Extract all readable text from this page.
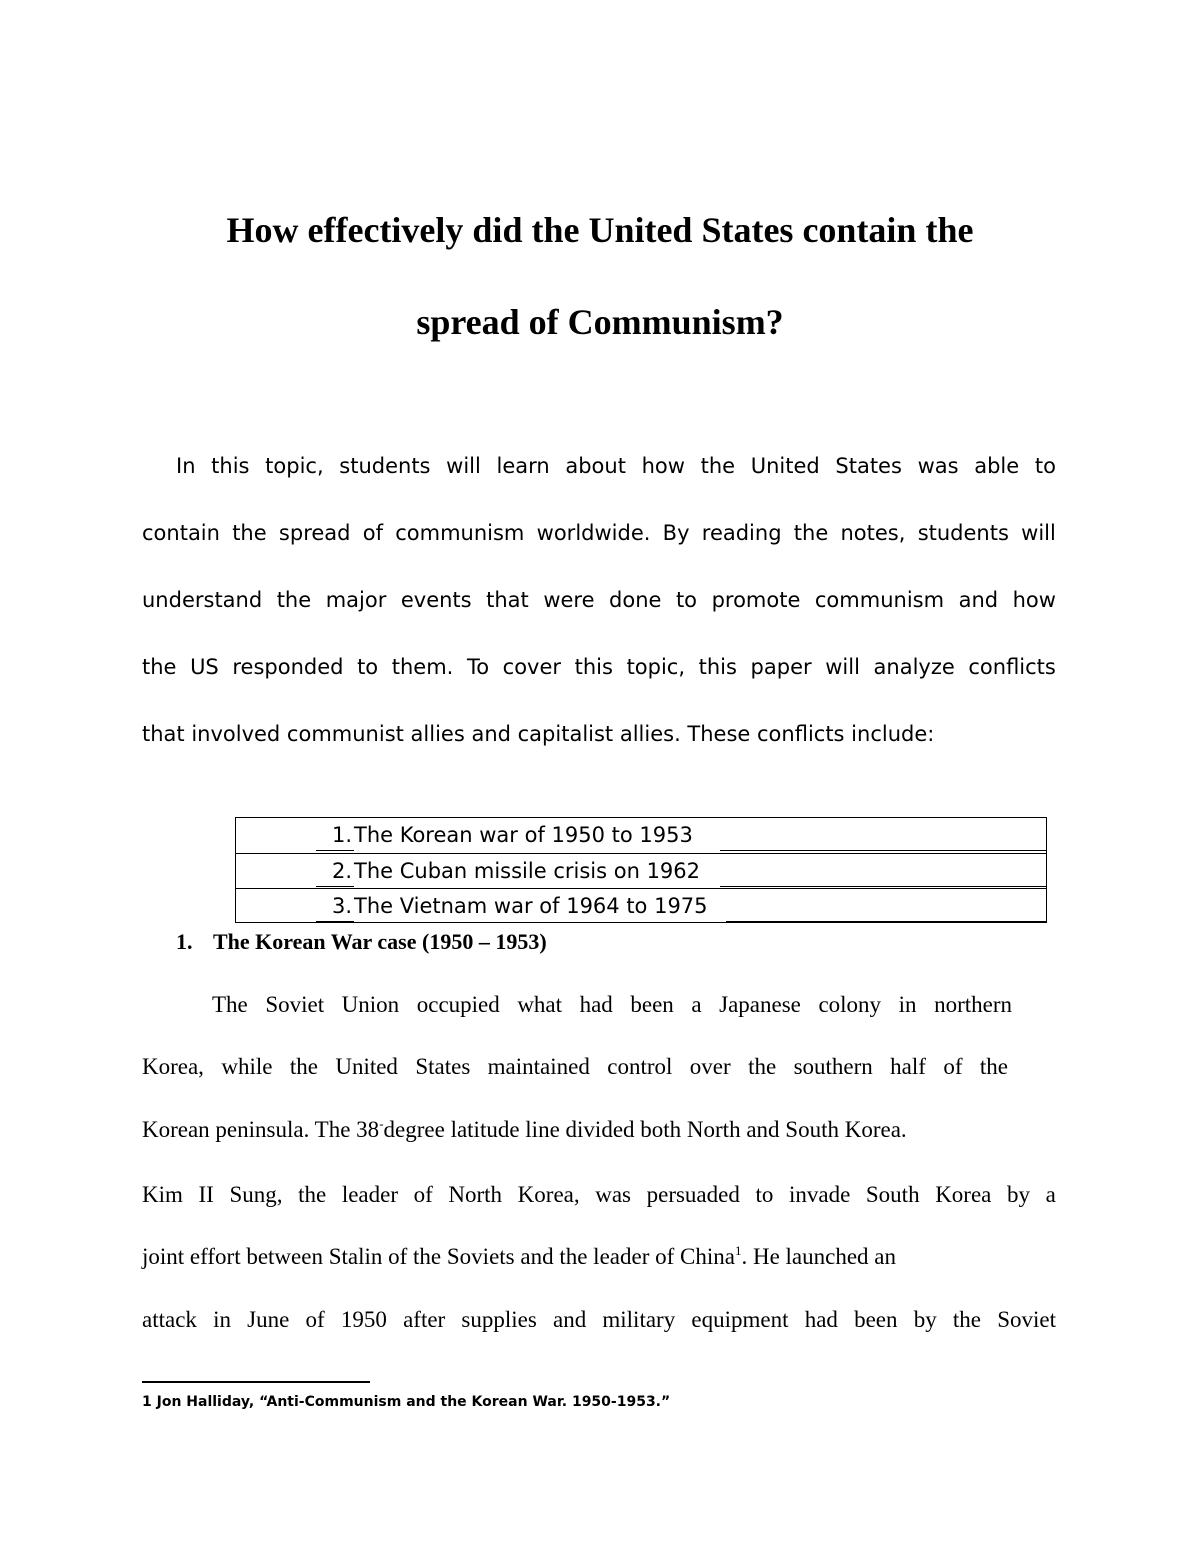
How effectively did the United States contain the
spread of Communism?
In this topic, students will learn about how the United States was able to
contain the spread of communism worldwide. By reading the notes, students will
understand the major events that were done to promote communism and how
the US responded to them. To cover this topic, this paper will analyze conflicts
that involved communist allies and capitalist allies. These conflicts include:
1. The Korean war of 1950 to 1953
2. The Cuban missile crisis on 1962
3. The Vietnam war of 1964 to 1975
1. The Korean War case (1950 – 1953)
The Soviet Union occupied what had been a Japanese colony in northern
Korea, while the United States maintained control over the southern half of the
Korean peninsula. The 38-degree latitude line divided both North and South Korea.
Kim II Sung, the leader of North Korea, was persuaded to invade South Korea by a
joint effort between Stalin of the Soviets and the leader of China$^1$. He launched an
attack in June of 1950 after supplies and military equipment had been by the Soviet
1 Jon Halliday, “Anti-Communism and the Korean War. 1950-1953.”
